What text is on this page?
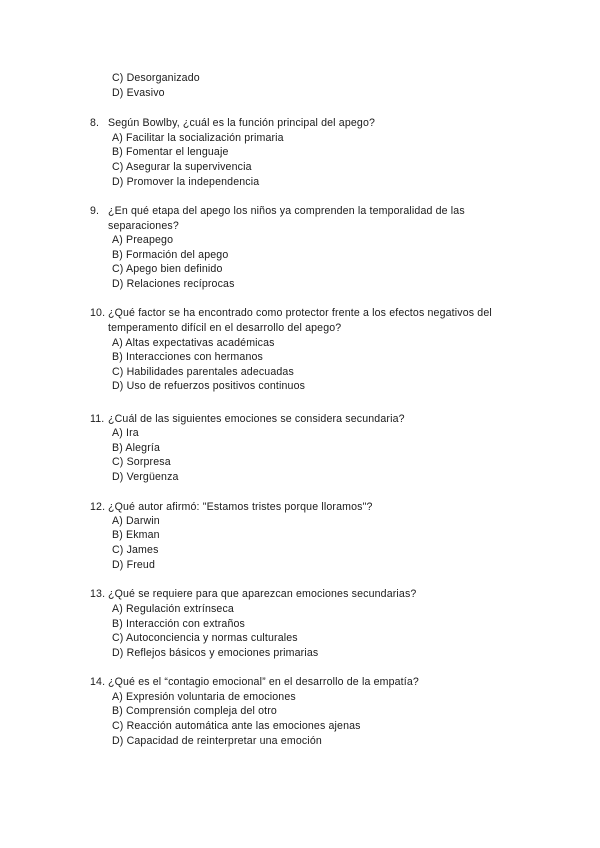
C) Desorganizado
D) Evasivo
8. Según Bowlby, ¿cuál es la función principal del apego?
A) Facilitar la socialización primaria
B) Fomentar el lenguaje
C) Asegurar la supervivencia
D) Promover la independencia
9. ¿En qué etapa del apego los niños ya comprenden la temporalidad de las
separaciones?
A) Preapego
B) Formación del apego
C) Apego bien definido
D) Relaciones recíprocas
10. ¿Qué factor se ha encontrado como protector frente a los efectos negativos del
temperamento difícil en el desarrollo del apego?
A) Altas expectativas académicas
B) Interacciones con hermanos
C) Habilidades parentales adecuadas
D) Uso de refuerzos positivos continuos
11. ¿Cuál de las siguientes emociones se considera secundaria?
A) Ira
B) Alegría
C) Sorpresa
D) Vergüenza
12. ¿Qué autor afirmó: "Estamos tristes porque lloramos"?
A) Darwin
B) Ekman
C) James
D) Freud
13. ¿Qué se requiere para que aparezcan emociones secundarias?
A) Regulación extrínseca
B) Interacción con extraños
C) Autoconciencia y normas culturales
D) Reflejos básicos y emociones primarias
14. ¿Qué es el “contagio emocional” en el desarrollo de la empatía?
A) Expresión voluntaria de emociones
B) Comprensión compleja del otro
C) Reacción automática ante las emociones ajenas
D) Capacidad de reinterpretar una emoción
